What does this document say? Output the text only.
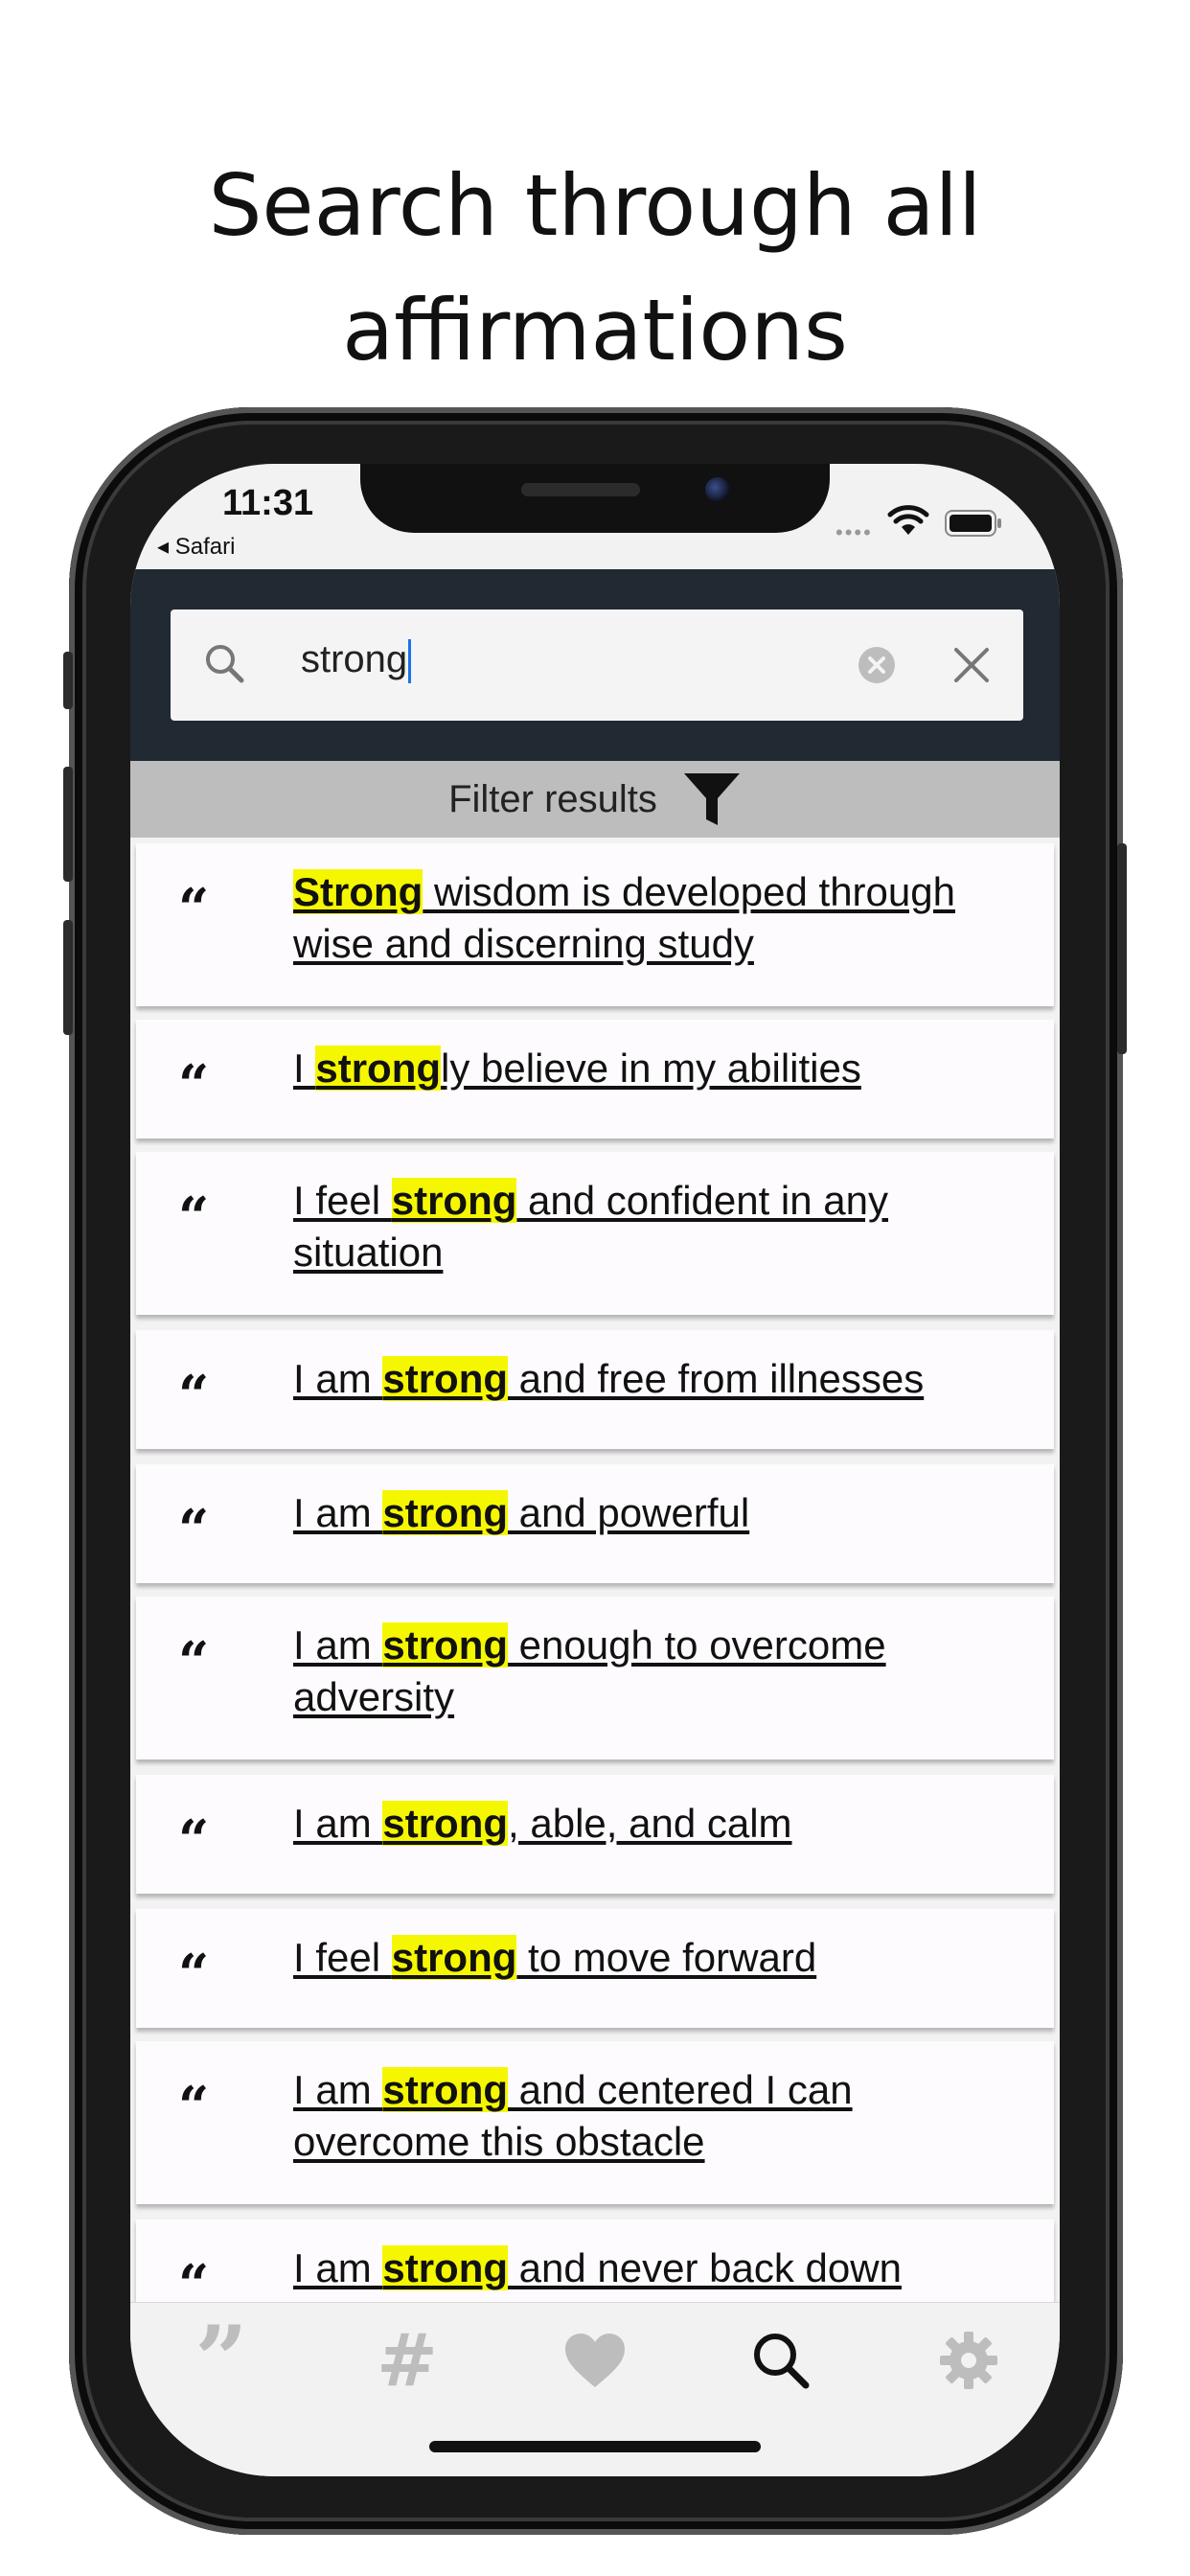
Search through all
affirmations
11:31
◂ Safari
••••
strong
Filter results
“ Strong wisdom is developed through wise and discerning study
“ I strongly believe in my abilities
“ I feel strong and confident in any situation
“ I am strong and free from illnesses
“ I am strong and powerful
“ I am strong enough to overcome adversity
“ I am strong, able, and calm
“ I feel strong to move forward
“ I am strong and centered I can overcome this obstacle
“ I am strong and never back down
” #
